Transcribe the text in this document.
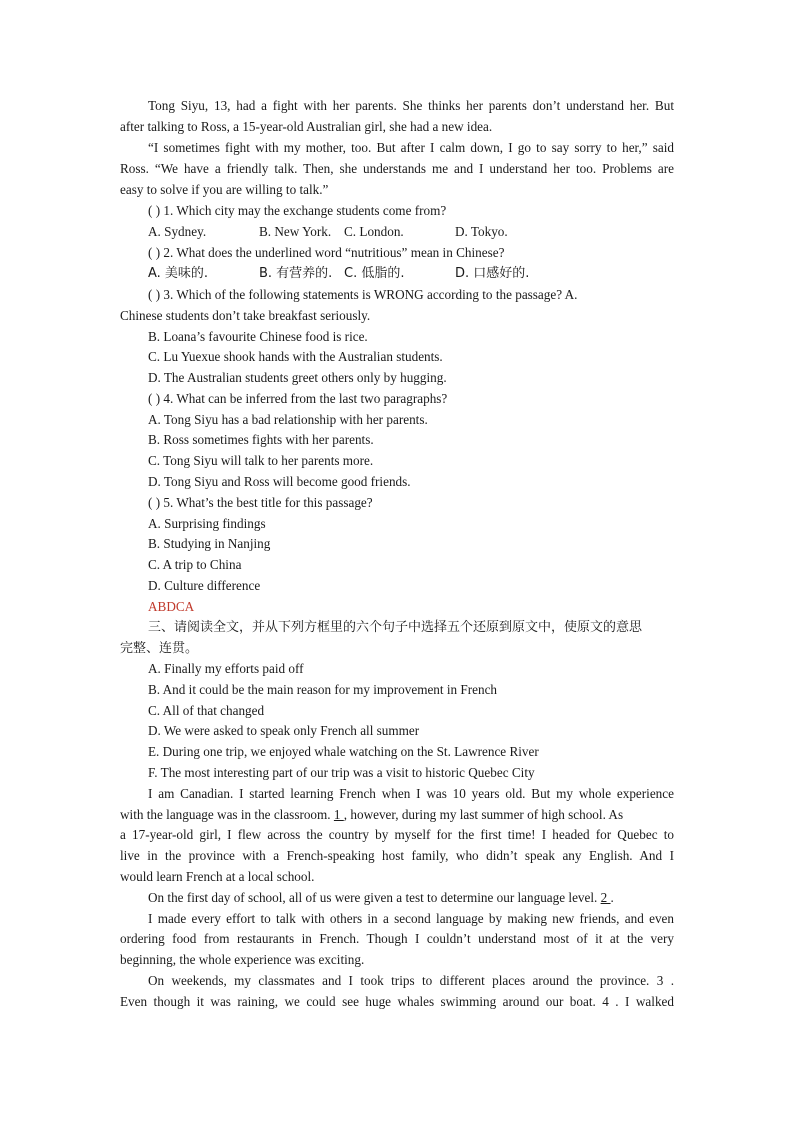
Tong Siyu, 13, had a fight with her parents. She thinks her parents don’t understand her. But

after talking to Ross, a 15-year-old Australian girl, she had a new idea.

“I sometimes fight with my mother, too. But after I calm down, I go to say sorry to her,” said

Ross. “We have a friendly talk. Then, she understands me and I understand her too. Problems are

easy to solve if you are willing to talk.”

( ) 1. Which city may the exchange students come from?

A. Sydney.	B. New York. C. London.	D. Tokyo.

( ) 2. What does the underlined word “nutritious” mean in Chinese?

A. 美味的.	B. 有营养的. C. 低脂的.	D. 口感好的.

( ) 3. Which of the following statements is WRONG according to the passage? A.

Chinese students don’t take breakfast seriously.

B. Loana’s favourite Chinese food is rice.

C. Lu Yuexue shook hands with the Australian students.

D. The Australian students greet others only by hugging.

( ) 4. What can be inferred from the last two paragraphs?

A. Tong Siyu has a bad relationship with her parents.

B. Ross sometimes fights with her parents.

C. Tong Siyu will talk to her parents more.

D. Tong Siyu and Ross will become good friends.

( ) 5. What’s the best title for this passage?

A. Surprising findings

B. Studying in Nanjing

C. A trip to China

D. Culture difference

ABDCA

三、请阅读全文，并从下列方框里的六个句子中选择五个还原到原文中，使原文的意思

完整、连贯。

A. Finally my efforts paid off

B. And it could be the main reason for my improvement in French

C. All of that changed

D. We were asked to speak only French all summer

E. During one trip, we enjoyed whale watching on the St. Lawrence River

F. The most interesting part of our trip was a visit to historic Quebec City

I am Canadian. I started learning French when I was 10 years old. But my whole experience

with the language was in the classroom. 1 , however, during my last summer of high school. As

a 17-year-old girl, I flew across the country by myself for the first time! I headed for Quebec to

live in the province with a French-speaking host family, who didn’t speak any English. And I

would learn French at a local school.

On the first day of school, all of us were given a test to determine our language level. 2 .

I made every effort to talk with others in a second language by making new friends, and even

ordering food from restaurants in French. Though I couldn’t understand most of it at the very

beginning, the whole experience was exciting.

On weekends, my classmates and I took trips to different places around the province. 3 .

Even though it was raining, we could see huge whales swimming around our boat. 4 . I walked
